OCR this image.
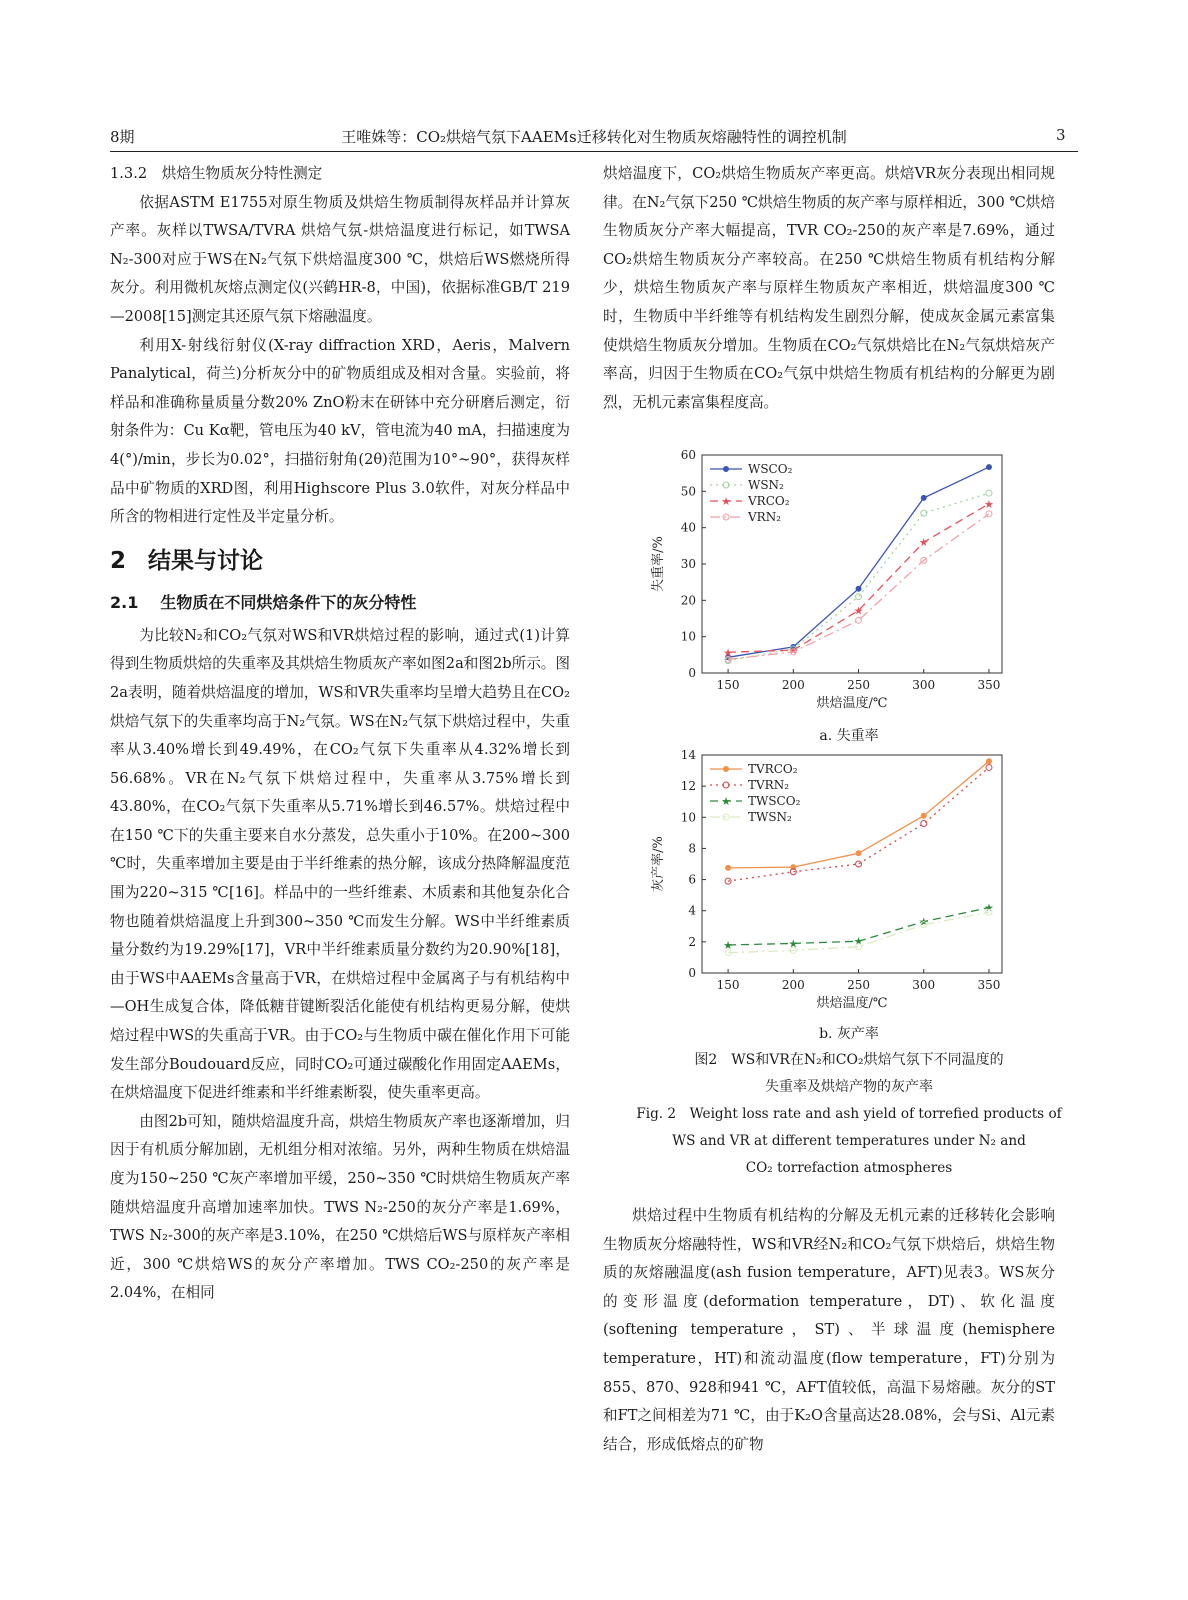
8期	王唯姝等：CO₂烘焙气氛下AAEMs迁移转化对生物质灰熔融特性的调控机制	3
1.3.2　烘焙生物质灰分特性测定

依据ASTM E1755对原生物质及烘焙生物质制得灰样品并计算灰产率。灰样以TWSA/TVRA 烘焙气氛-烘焙温度进行标记，如TWSA N₂-300对应于WS在N₂气氛下烘焙温度300 ℃，烘焙后WS燃烧所得灰分。利用微机灰熔点测定仪(兴鹤HR-8，中国)，依据标准GB/T 219—2008[15]测定其还原气氛下熔融温度。

利用X-射线衍射仪(X-ray diffraction XRD，Aeris，Malvern Panalytical，荷兰)分析灰分中的矿物质组成及相对含量。实验前，将样品和准确称量质量分数20% ZnO粉末在研钵中充分研磨后测定，衍射条件为：Cu Kα靶，管电压为40 kV，管电流为40 mA，扫描速度为4(°)/min，步长为0.02°，扫描衍射角(2θ)范围为10°~90°，获得灰样品中矿物质的XRD图，利用Highscore Plus 3.0软件，对灰分样品中所含的物相进行定性及半定量分析。

2 结果与讨论
2.1 生物质在不同烘焙条件下的灰分特性

为比较N₂和CO₂气氛对WS和VR烘焙过程的影响，通过式(1)计算得到生物质烘焙的失重率及其烘焙生物质灰产率如图2a和图2b所示。图2a表明，随着烘焙温度的增加，WS和VR失重率均呈增大趋势且在CO₂烘焙气氛下的失重率均高于N₂气氛。WS在N₂气氛下烘焙过程中，失重率从3.40%增长到49.49%，在CO₂气氛下失重率从4.32%增长到56.68%。VR在N₂气氛下烘焙过程中，失重率从3.75%增长到43.80%，在CO₂气氛下失重率从5.71%增长到46.57%。烘焙过程中在150 ℃下的失重主要来自水分蒸发，总失重小于10%。在200~300 ℃时，失重率增加主要是由于半纤维素的热分解，该成分热降解温度范围为220~315 ℃[16]。样品中的一些纤维素、木质素和其他复杂化合物也随着烘焙温度上升到300~350 ℃而发生分解。WS中半纤维素质量分数约为19.29%[17]，VR中半纤维素质量分数约为20.90%[18]，由于WS中AAEMs含量高于VR，在烘焙过程中金属离子与有机结构中—OH生成复合体，降低糖苷键断裂活化能使有机结构更易分解，使烘焙过程中WS的失重高于VR。由于CO₂与生物质中碳在催化作用下可能发生部分Boudouard反应，同时CO₂可通过碳酸化作用固定AAEMs，在烘焙温度下促进纤维素和半纤维素断裂，使失重率更高。

由图2b可知，随烘焙温度升高，烘焙生物质灰产率也逐渐增加，归因于有机质分解加剧，无机组分相对浓缩。另外，两种生物质在烘焙温度为150~250 ℃灰产率增加平缓，250~350 ℃时烘焙生物质灰产率随烘焙温度升高增加速率加快。TWS N₂-250的灰分产率是1.69%，TWS N₂-300的灰产率是3.10%，在250 ℃烘焙后WS与原样灰产率相近，300 ℃烘焙WS的灰分产率增加。TWS CO₂-250的灰产率是2.04%，在相同

烘焙温度下，CO₂烘焙生物质灰产率更高。烘焙VR灰分表现出相同规律。在N₂气氛下250 ℃烘焙生物质的灰产率与原样相近，300 ℃烘焙生物质灰分产率大幅提高，TVR CO₂-250的灰产率是7.69%，通过CO₂烘焙生物质灰分产率较高。在250 ℃烘焙生物质有机结构分解少，烘焙生物质灰产率与原样生物质灰产率相近，烘焙温度300 ℃时，生物质中半纤维等有机结构发生剧烈分解，使成灰金属元素富集使烘焙生物质灰分增加。生物质在CO₂气氛烘焙比在N₂气氛烘焙灰产率高，归因于生物质在CO₂气氛中烘焙生物质有机结构的分解更为剧烈，无机元素富集程度高。

0
10
20
30
40
50
60
150	200	250	300	350
烘焙温度/℃
失重率/%
WSCO₂
WSN₂
★	★
★
★
★
★ VRCO₂
VRN₂
a. 失重率
0
2
4
6
8
10
12
14
150	200	250	300	350
烘焙温度/℃
灰产率/%
TVRCO₂
TVRN₂
★	★	★
★
★
★ TWSCO₂
TWSN₂
b. 灰产率
图2　WS和VR在N₂和CO₂烘焙气氛下不同温度的
失重率及烘焙产物的灰产率
Fig. 2　Weight loss rate and ash yield of torrefied products of
WS and VR at different temperatures under N₂ and
CO₂ torrefaction atmospheres

烘焙过程中生物质有机结构的分解及无机元素的迁移转化会影响生物质灰分熔融特性，WS和VR经N₂和CO₂气氛下烘焙后，烘焙生物质的灰熔融温度(ash fusion temperature，AFT)见表3。WS灰分的变形温度(deformation temperature，DT)、软化温度(softening temperature，ST)、半球温度(hemisphere temperature，HT)和流动温度(flow temperature，FT)分别为855、870、928和941 ℃，AFT值较低，高温下易熔融。灰分的ST和FT之间相差为71 ℃，由于K₂O含量高达28.08%，会与Si、Al元素结合，形成低熔点的矿物
